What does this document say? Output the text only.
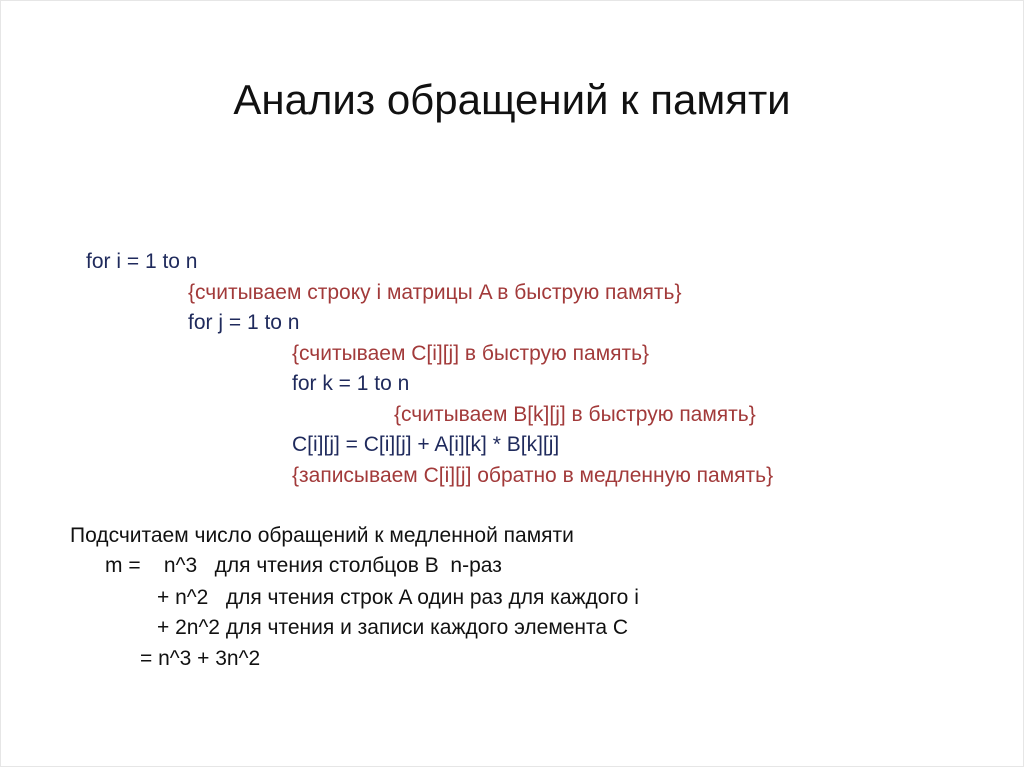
Анализ обращений к памяти
for i = 1 to n
{считываем строку i матрицы A в быструю память}
for j = 1 to n
{считываем C[i][j] в быструю память}
for k = 1 to n
{считываем B[k][j] в быструю память}
C[i][j] = C[i][j] + A[i][k] * B[k][j]
{записываем C[i][j] обратно в медленную память}
Подсчитаем число обращений к медленной памяти
m =    n^3   для чтения столбцов B  n-раз
+ n^2   для чтения строк A один раз для каждого i
+ 2n^2 для чтения и записи каждого элемента C
= n^3 + 3n^2
